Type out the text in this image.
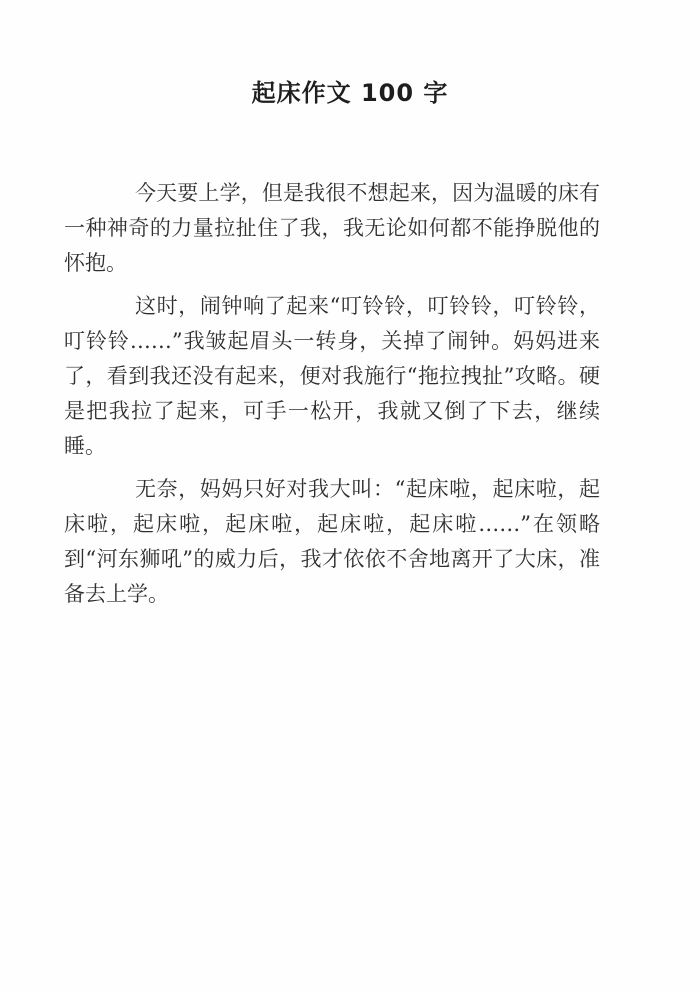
起床作文 100 字

今天要上学，但是我很不想起来，因为温暖的床有一种神奇的力量拉扯住了我，我无论如何都不能挣脱他的怀抱。

这时，闹钟响了起来“叮铃铃，叮铃铃，叮铃铃，叮铃铃……”我皱起眉头一转身，关掉了闹钟。妈妈进来了，看到我还没有起来，便对我施行“拖拉拽扯”攻略。硬是把我拉了起来，可手一松开，我就又倒了下去，继续睡。

无奈，妈妈只好对我大叫：“起床啦，起床啦，起床啦，起床啦，起床啦，起床啦，起床啦……”在领略到“河东狮吼”的威力后，我才依依不舍地离开了大床，准备去上学。
